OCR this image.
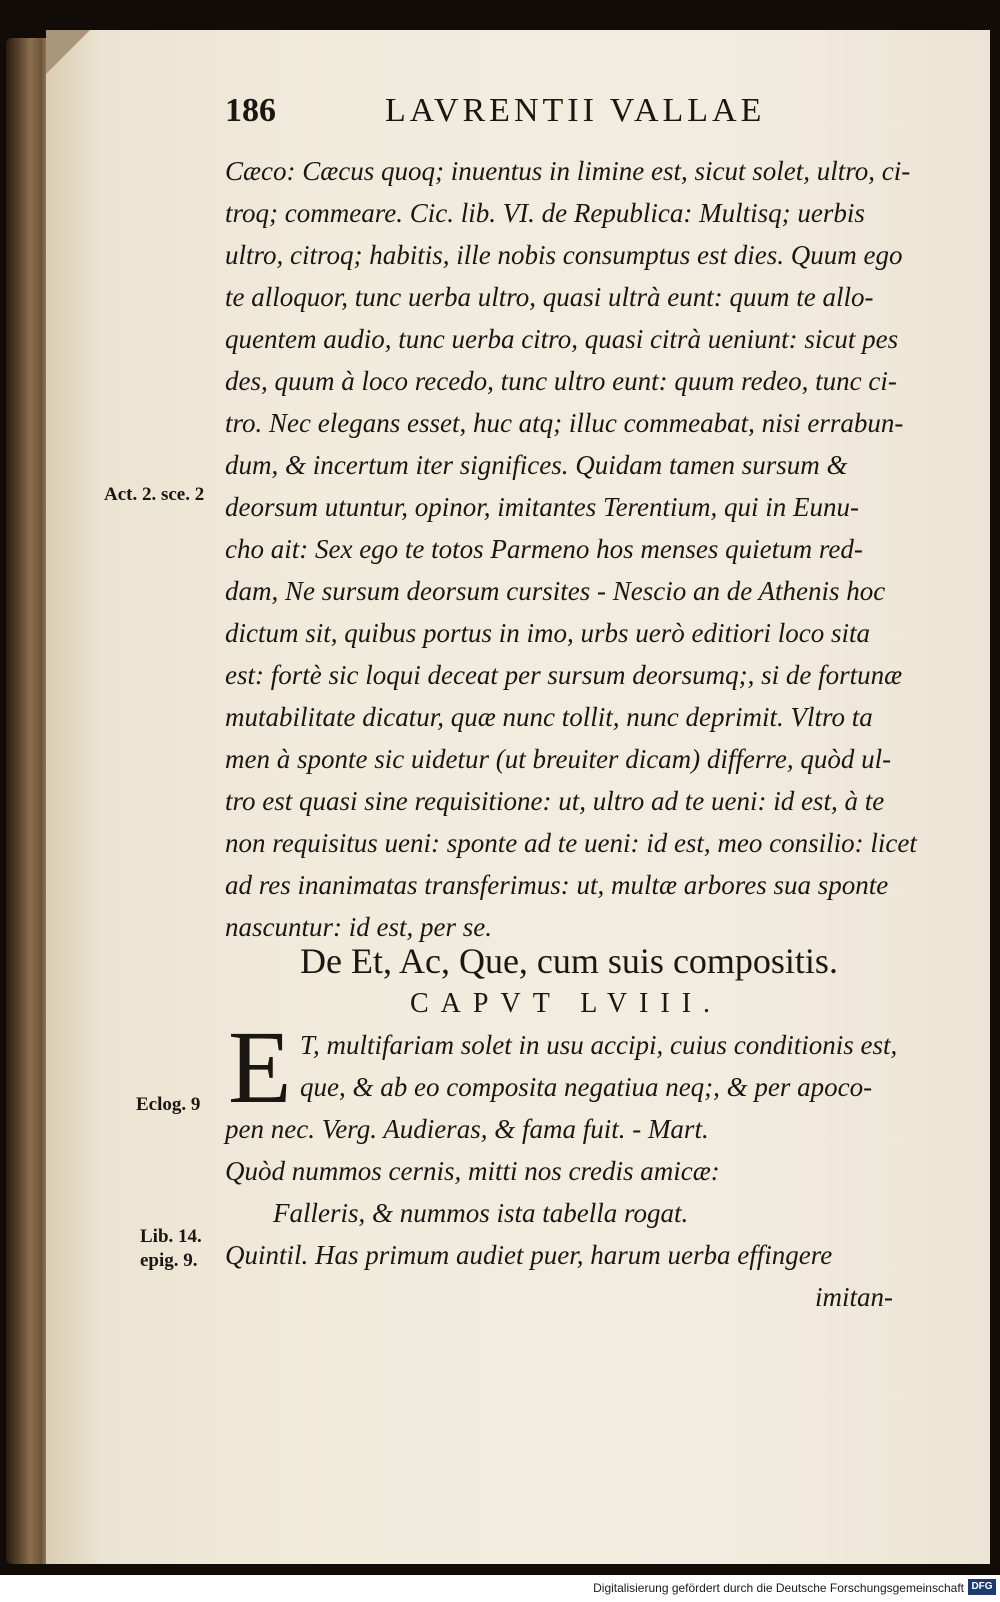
186	LAVRENTII VALLAE
Cæco: Cæcus quoq; inuentus in limine est, sicut solet, ultro, ci-
troq; commeare. Cic. lib. VI. de Republica: Multisq; uerbis
ultro, citroq; habitis, ille nobis consumptus est dies. Quum ego
te alloquor, tunc uerba ultro, quasi ultrà eunt: quum te allo-
quentem audio, tunc uerba citro, quasi citrà ueniunt: sicut pes
des, quum à loco recedo, tunc ultro eunt: quum redeo, tunc ci-
tro. Nec elegans esset, huc atq; illuc commeabat, nisi errabun-
dum, & incertum iter significes. Quidam tamen sursum &
deorsum utuntur, opinor, imitantes Terentium, qui in Eunu-
cho ait: Sex ego te totos Parmeno hos menses quietum red-
dam, Ne sursum deorsum cursites - Nescio an de Athenis hoc
dictum sit, quibus portus in imo, urbs uerò editiori loco sita
est: fortè sic loqui deceat per sursum deorsumq;, si de fortunæ
mutabilitate dicatur, quæ nunc tollit, nunc deprimit. Vltro ta
men à sponte sic uidetur (ut breuiter dicam) differre, quòd ul-
tro est quasi sine requisitione: ut, ultro ad te ueni: id est, à te
non requisitus ueni: sponte ad te ueni: id est, meo consilio: licet
ad res inanimatas transferimus: ut, multæ arbores sua sponte
nascuntur: id est, per se.
Act. 2. sce. 2
De Et, Ac, Que, cum suis compositis.
CAPVT LVIII.
E T, multifariam solet in usu accipi, cuius conditionis est,
que, & ab eo composita negatiua neq;, & per apoco-
Eclog. 9
pen nec. Verg. Audieras, & fama fuit. - Mart.
Quòd nummos cernis, mitti nos credis amicæ:
Falleris, & nummos ista tabella rogat.
Quintil. Has primum audiet puer, harum uerba effingere
imitan-
Lib. 14.
epig. 9.
Digitalisierung gefördert durch die Deutsche Forschungsgemeinschaft DFG
